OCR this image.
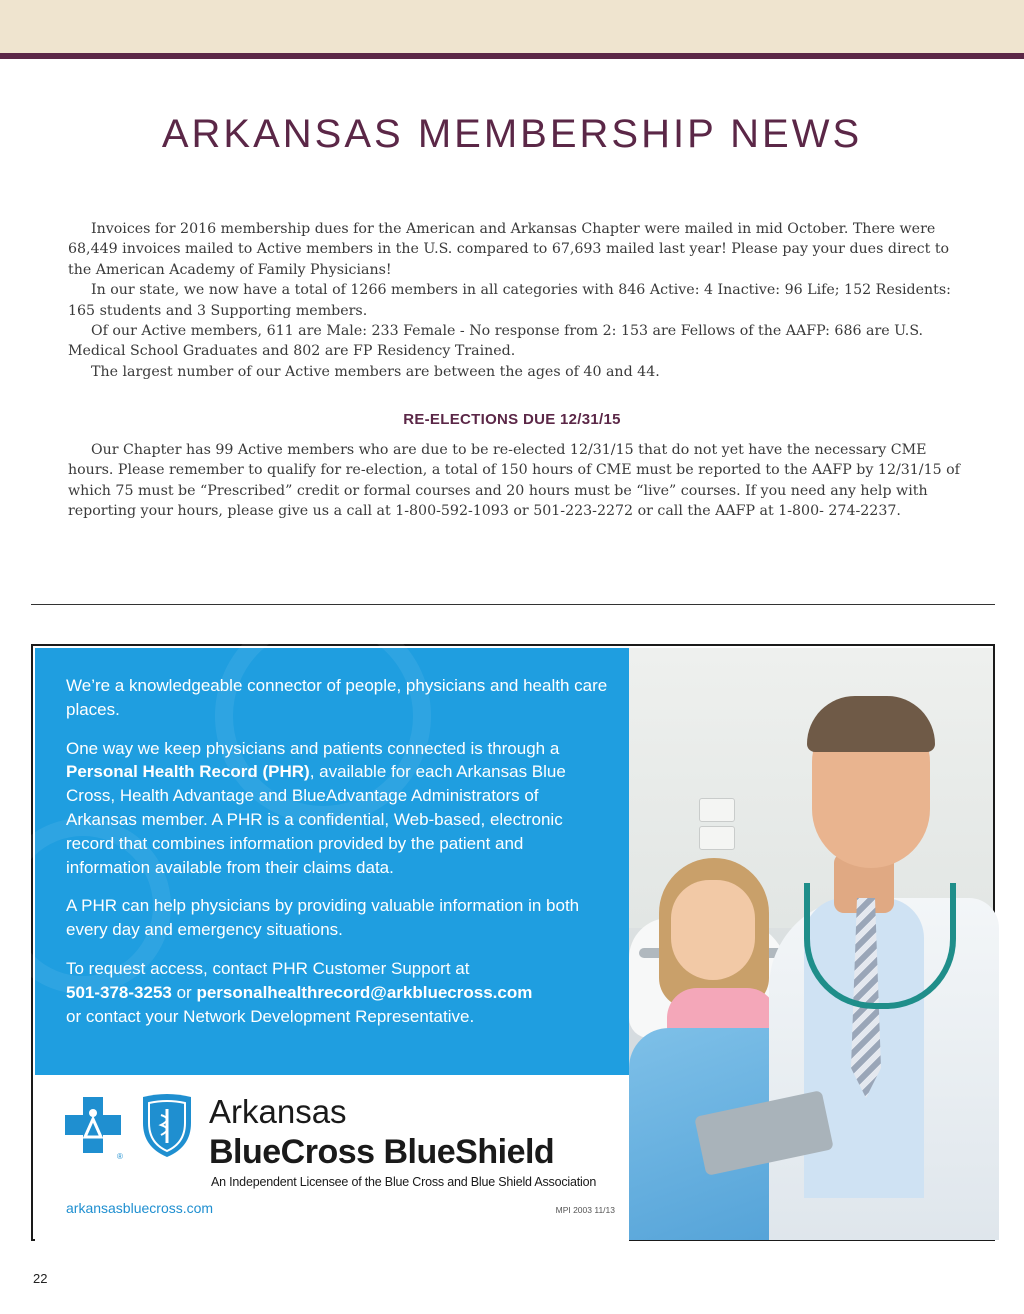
ARKANSAS MEMBERSHIP NEWS

Invoices for 2016 membership dues for the American and Arkansas Chapter were mailed in mid October. There were 68,449 invoices mailed to Active members in the U.S. compared to 67,693 mailed last year! Please pay your dues direct to the American Academy of Family Physicians!

In our state, we now have a total of 1266 members in all categories with 846 Active: 4 Inactive: 96 Life; 152 Residents: 165 students and 3 Supporting members.

Of our Active members, 611 are Male: 233 Female - No response from 2: 153 are Fellows of the AAFP: 686 are U.S. Medical School Graduates and 802 are FP Residency Trained.

The largest number of our Active members are between the ages of 40 and 44.

RE-ELECTIONS DUE 12/31/15

Our Chapter has 99 Active members who are due to be re-elected 12/31/15 that do not yet have the necessary CME hours. Please remember to qualify for re-election, a total of 150 hours of CME must be reported to the AAFP by 12/31/15 of which 75 must be “Prescribed” credit or formal courses and 20 hours must be “live” courses. If you need any help with reporting your hours, please give us a call at 1-800-592-1093 or 501-223-2272 or call the AAFP at 1-800- 274-2237.

We’re a knowledgeable connector of people, physicians and health care places.

One way we keep physicians and patients connected is through a Personal Health Record (PHR), available for each Arkansas Blue Cross, Health Advantage and BlueAdvantage Administrators of Arkansas member. A PHR is a confidential, Web-based, electronic record that combines information provided by the patient and information available from their claims data.

A PHR can help physicians by providing valuable information in both every day and emergency situations.

To request access, contact PHR Customer Support at
501-378-3253 or personalhealthrecord@arkbluecross.com
or contact your Network Development Representative.

®
Arkansas
BlueCross BlueShield
An Independent Licensee of the Blue Cross and Blue Shield Association
arkansasbluecross.com	MPI 2003 11/13
22
